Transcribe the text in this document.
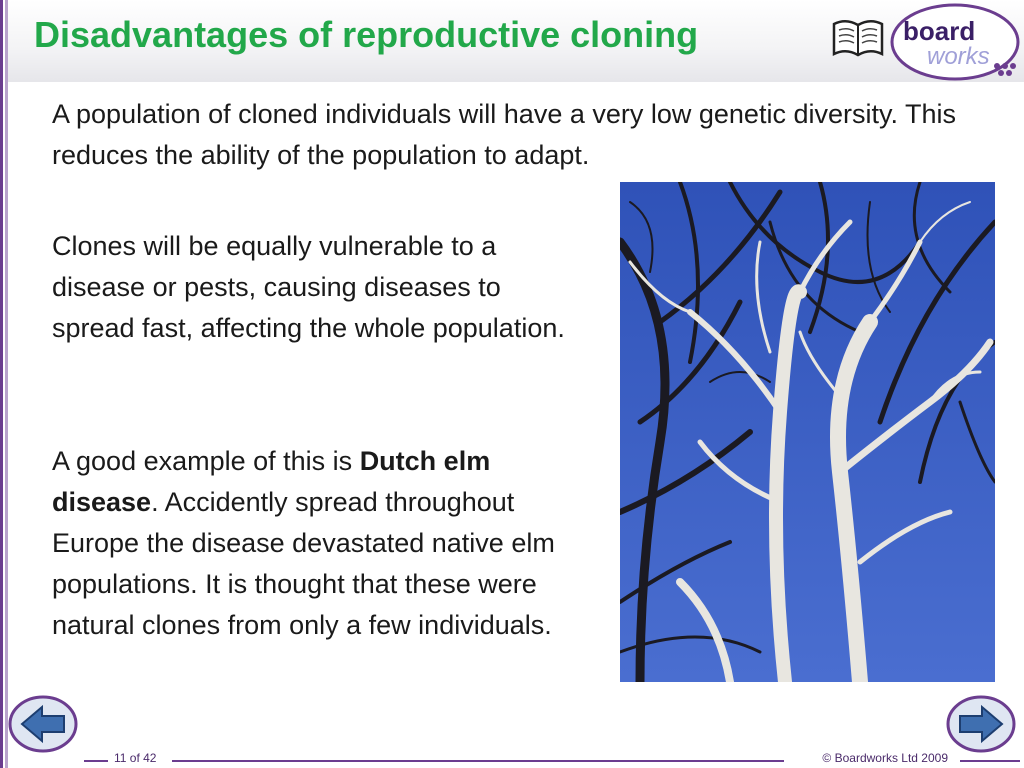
Disadvantages of reproductive cloning	board
works

A population of cloned individuals will have a very low genetic diversity. This reduces the ability of the population to adapt.

Clones will be equally vulnerable to a disease or pests, causing diseases to spread fast, affecting the whole population.

A good example of this is Dutch elm disease. Accidently spread throughout Europe the disease devastated native elm populations. It is thought that these were natural clones from only a few individuals.

11 of 42	© Boardworks Ltd 2009
